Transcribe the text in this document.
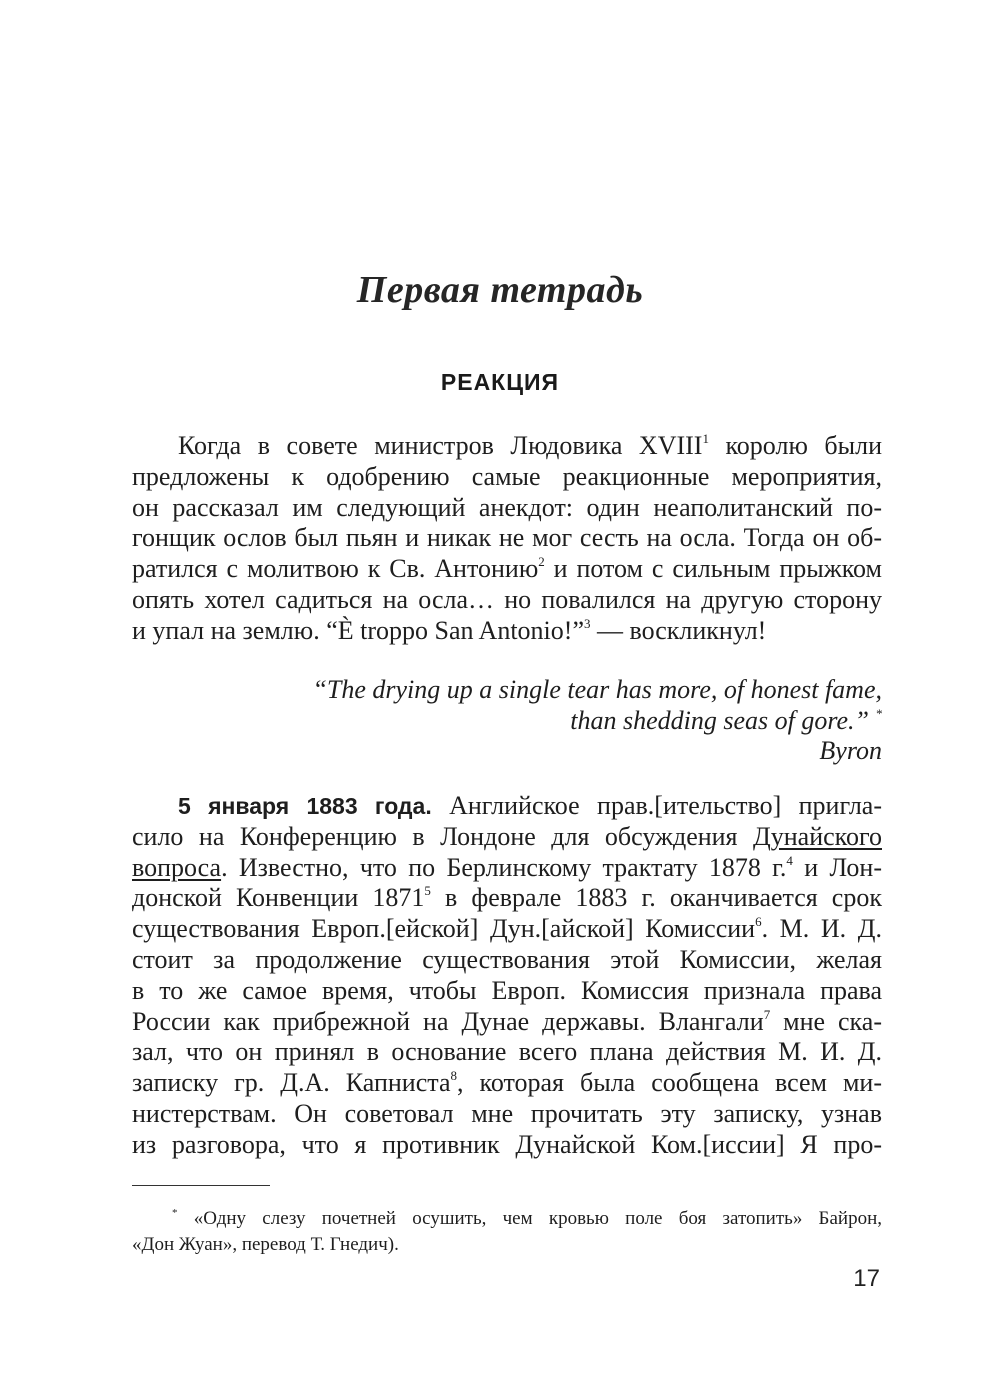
Первая тетрадь
РЕАКЦИЯ

Когда в совете министров Людовика XVIII$^1$ королю были
предложены к одобрению самые реакционные мероприятия,
он рассказал им следующий анекдот: один неаполитанский по-
гонщик ослов был пьян и никак не мог сесть на осла. Тогда он об-
ратился с молитвою к Св. Антонию$^2$ и потом с сильным прыжком
опять хотел садиться на осла… но повалился на другую сторону
и упал на землю. “È troppo San Antonio!”$^3$ — воскликнул!

“The drying up a single tear has more, of honest fame,
than shedding seas of gore.” *
Byron

5 января 1883 года. Английское прав.[ительство] пригла-
сило на Конференцию в Лондоне для обсуждения Дунайского
вопроса. Известно, что по Берлинскому трактату 1878 г.$^4$ и Лон-
донской Конвенции 1871$^5$ в феврале 1883 г. оканчивается срок
существования Европ.[ейской] Дун.[айской] Комиссии$^6$. М. И. Д.
стоит за продолжение существования этой Комиссии, желая
в то же самое время, чтобы Европ. Комиссия признала права
России как прибрежной на Дунае державы. Влангали$^7$ мне ска-
зал, что он принял в основание всего плана действия М. И. Д.
записку гр. Д.А. Капниста$^8$, которая была сообщена всем ми-
нистерствам. Он советовал мне прочитать эту записку, узнав
из разговора, что я противник Дунайской Ком.[иссии] Я про-

* «Одну слезу почетней осушить, чем кровью поле боя затопить» Байрон,
«Дон Жуан», перевод Т. Гнедич).
17
